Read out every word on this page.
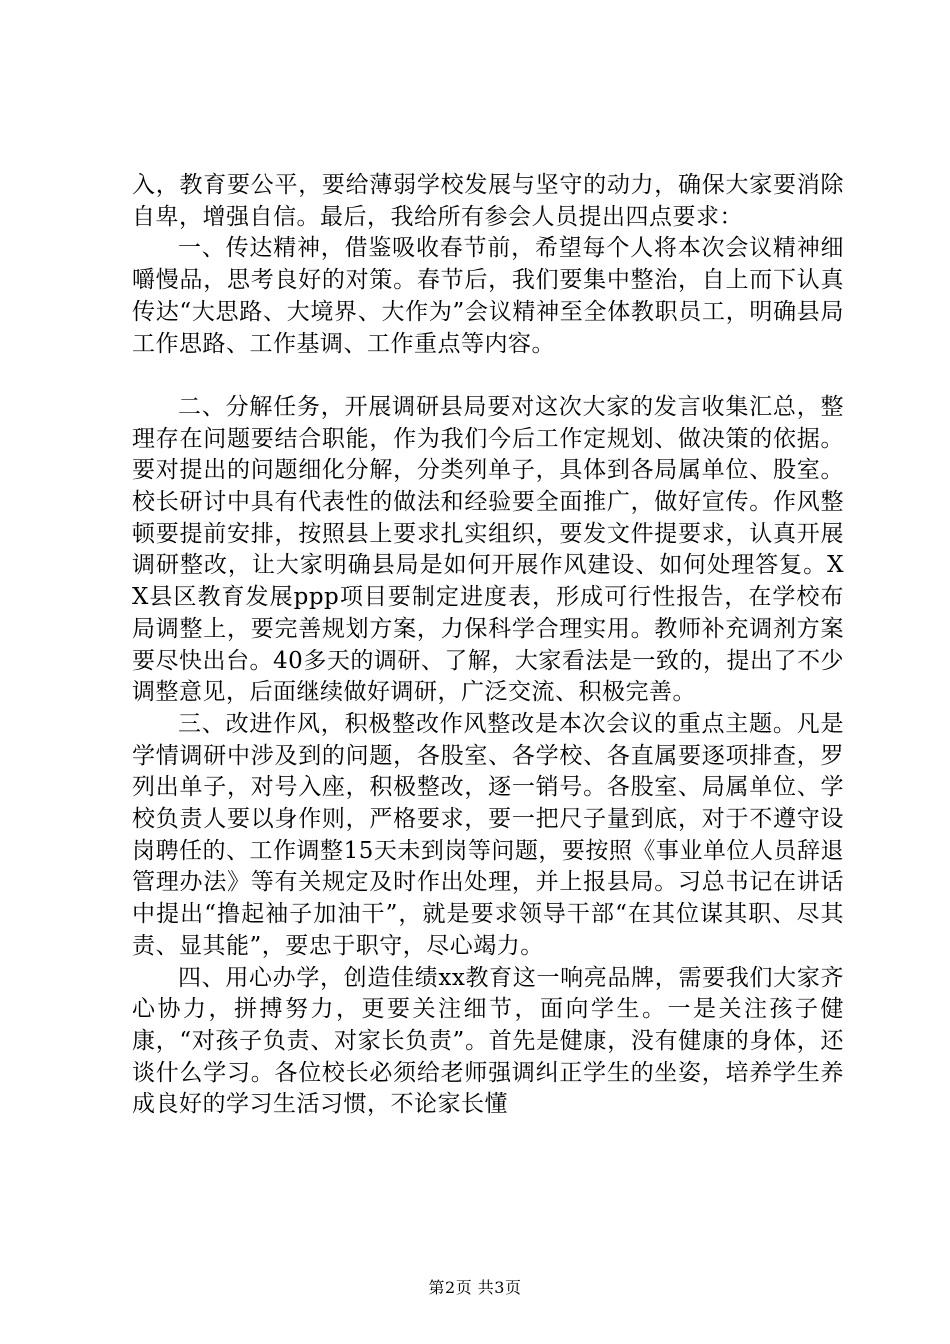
入，教育要公平，要给薄弱学校发展与坚守的动力，确保大家要消除自卑，增强自信。最后，我给所有参会人员提出四点要求：

一、传达精神，借鉴吸收春节前，希望每个人将本次会议精神细嚼慢品，思考良好的对策。春节后，我们要集中整治，自上而下认真传达“大思路、大境界、大作为”会议精神至全体教职员工，明确县局工作思路、工作基调、工作重点等内容。

二、分解任务，开展调研县局要对这次大家的发言收集汇总，整理存在问题要结合职能，作为我们今后工作定规划、做决策的依据。要对提出的问题细化分解，分类列单子，具体到各局属单位、股室。校长研讨中具有代表性的做法和经验要全面推广，做好宣传。作风整顿要提前安排，按照县上要求扎实组织，要发文件提要求，认真开展调研整改，让大家明确县局是如何开展作风建设、如何处理答复。XX县区教育发展ppp项目要制定进度表，形成可行性报告，在学校布局调整上，要完善规划方案，力保科学合理实用。教师补充调剂方案要尽快出台。40多天的调研、了解，大家看法是一致的，提出了不少调整意见，后面继续做好调研，广泛交流、积极完善。

三、改进作风，积极整改作风整改是本次会议的重点主题。凡是学情调研中涉及到的问题，各股室、各学校、各直属要逐项排查，罗列出单子，对号入座，积极整改，逐一销号。各股室、局属单位、学校负责人要以身作则，严格要求，要一把尺子量到底，对于不遵守设岗聘任的、工作调整15天未到岗等问题，要按照《事业单位人员辞退管理办法》等有关规定及时作出处理，并上报县局。习总书记在讲话中提出“撸起袖子加油干”，就是要求领导干部“在其位谋其职、尽其责、显其能”，要忠于职守，尽心竭力。

四、用心办学，创造佳绩xx教育这一响亮品牌，需要我们大家齐心协力，拼搏努力，更要关注细节，面向学生。一是关注孩子健康，“对孩子负责、对家长负责”。首先是健康，没有健康的身体，还谈什么学习。各位校长必须给老师强调纠正学生的坐姿，培养学生养成良好的学习生活习惯，不论家长懂

第2页 共3页
